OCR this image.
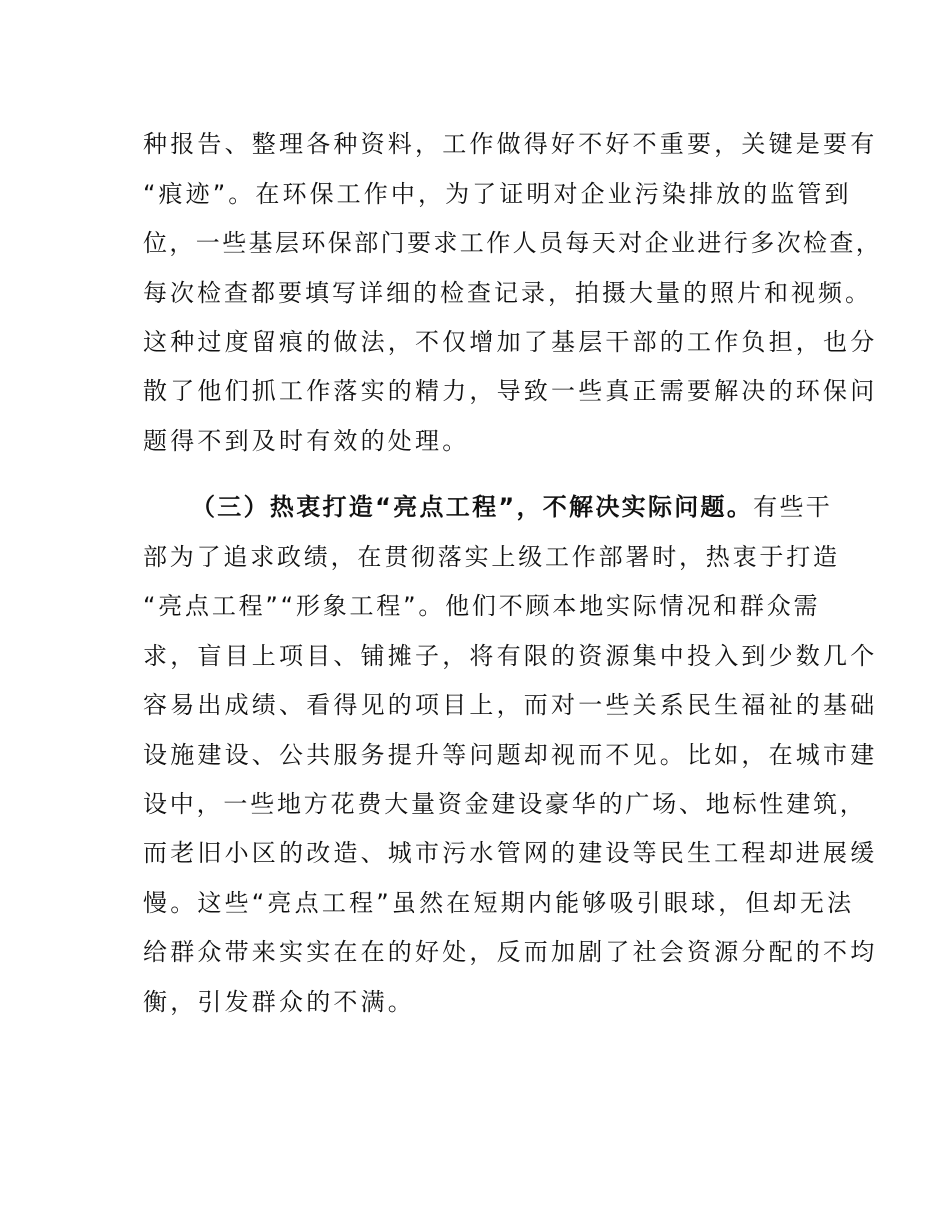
种报告、整理各种资料，工作做得好不好不重要，关键是要有
“痕迹”。在环保工作中，为了证明对企业污染排放的监管到
位，一些基层环保部门要求工作人员每天对企业进行多次检查，
每次检查都要填写详细的检查记录，拍摄大量的照片和视频。
这种过度留痕的做法，不仅增加了基层干部的工作负担，也分
散了他们抓工作落实的精力，导致一些真正需要解决的环保问
题得不到及时有效的处理。
（三）热衷打造“亮点工程”，不解决实际问题。有些干
部为了追求政绩，在贯彻落实上级工作部署时，热衷于打造
“亮点工程”“形象工程”。他们不顾本地实际情况和群众需
求，盲目上项目、铺摊子，将有限的资源集中投入到少数几个
容易出成绩、看得见的项目上，而对一些关系民生福祉的基础
设施建设、公共服务提升等问题却视而不见。比如，在城市建
设中，一些地方花费大量资金建设豪华的广场、地标性建筑，
而老旧小区的改造、城市污水管网的建设等民生工程却进展缓
慢。这些“亮点工程”虽然在短期内能够吸引眼球，但却无法
给群众带来实实在在的好处，反而加剧了社会资源分配的不均
衡，引发群众的不满。
